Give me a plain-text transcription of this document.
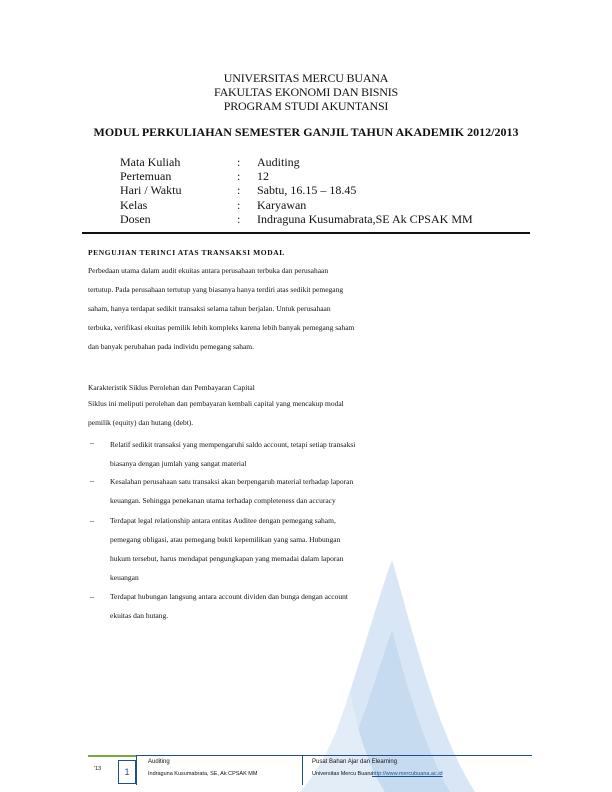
UNIVERSITAS MERCU BUANA
FAKULTAS EKONOMI DAN BISNIS
PROGRAM STUDI AKUNTANSI
MODUL PERKULIAHAN SEMESTER GANJIL TAHUN AKADEMIK 2012/2013
Mata Kuliah	:	Auditing
Pertemuan	:	12
Hari / Waktu	:	Sabtu, 16.15 – 18.45
Kelas	:	Karyawan
Dosen	:	Indraguna Kusumabrata,SE Ak CPSAK MM
PENGUJIAN TERINCI ATAS TRANSAKSI MODAL
Perbedaan utama dalam audit ekuitas antara perusahaan terbuka dan perusahaan
tertutup. Pada perusahaan tertutup yang biasanya hanya terdiri atas sedikit pemegang
saham, hanya terdapat sedikit transaksi selama tahun berjalan. Untuk perusahaan
terbuka, verifikasi ekuitas pemilik lebih kompleks karena lebih banyak pemegang saham
dan banyak perubahan pada individu pemegang saham.
Karakteristik Siklus Perolehan dan Pembayaran Capital
Siklus ini meliputi perolehan dan pembayaran kembali capital yang mencakup modal
pemilik (equity) dan hutang (debt).
– Relatif sedikit transaksi yang mempengaruhi saldo account, tetapi setiap transaksi
biasanya dengan jumlah yang sangat material
– Kesalahan perusahaan satu transaksi akan berpengaruh material terhadap laporan
keuangan. Sehingga penekanan utama terhadap completeness dan accuracy
– Terdapat legal relationship antara entitas Auditee dengan pemegang saham,
pemegang obligasi, atau pemegang bukti kepemilikan yang sama. Hubungan
hukum tersebut, harus mendapat pengungkapan yang memadai dalam laporan
keuangan
– Terdapat hubungan langsung antara account dividen dan bunga dengan account
ekuitas dan hutang.
'13	1
Auditing
Indraguna Kusumabrata, SE, Ak CPSAK MM
Pusat Bahan Ajar dan Elearning
Universitas Mercu Buana
http://www.mercubuana.ac.id
